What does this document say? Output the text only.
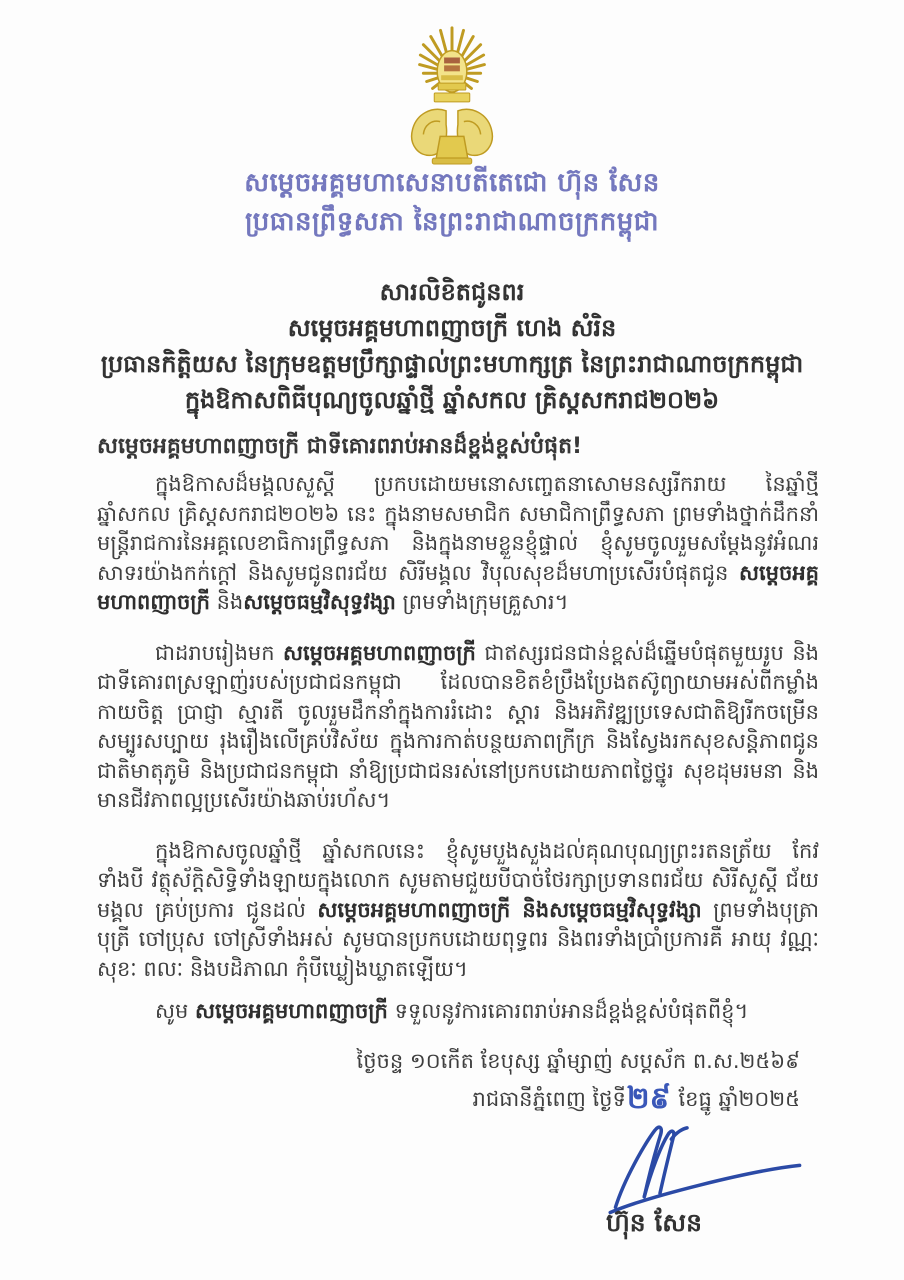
សម្តេចអគ្គមហាសេនាបតីតេជោ ហ៊ុន សែន
ប្រធានព្រឹទ្ធសភា នៃព្រះរាជាណាចក្រកម្ពុជា
សារលិខិតជូនពរ
សម្តេចអគ្គមហាពញាចក្រី ហេង សំរិន
ប្រធានកិត្តិយស នៃក្រុមឧត្តមប្រឹក្សាផ្ទាល់ព្រះមហាក្សត្រ នៃព្រះរាជាណាចក្រកម្ពុជា
ក្នុងឱកាសពិធីបុណ្យចូលឆ្នាំថ្មី ឆ្នាំសកល គ្រិស្តសករាជ២០២៦
សម្តេចអគ្គមហាពញាចក្រី ជាទីគោរពរាប់អានដ៏ខ្ពង់ខ្ពស់បំផុត!

ក្នុងឱកាសដ៏មង្គលសួស្តី ប្រកបដោយមនោសញ្ចេតនាសោមនស្សរីករាយ នៃឆ្នាំថ្មី ឆ្នាំសកល គ្រិស្តសករាជ២០២៦ នេះ ក្នុងនាមសមាជិក សមាជិកាព្រឹទ្ធសភា ព្រមទាំងថ្នាក់ដឹកនាំ មន្ត្រីរាជការនៃអគ្គលេខាធិការព្រឹទ្ធសភា និងក្នុងនាមខ្លួនខ្ញុំផ្ទាល់ ខ្ញុំសូមចូលរួមសម្តែងនូវអំណរសាទរយ៉ាងកក់ក្តៅ និងសូមជូនពរជ័យ សិរីមង្គល វិបុលសុខដ៏មហាប្រសើរបំផុតជូន សម្តេចអគ្គមហាពញាចក្រី និងសម្តេចធម្មវិសុទ្ធវង្សា ព្រមទាំងក្រុមគ្រួសារ។

ជាដរាបរៀងមក សម្តេចអគ្គមហាពញាចក្រី ជាឥស្សរជនជាន់ខ្ពស់ដ៏ឆ្នើមបំផុតមួយរូប និងជាទីគោរពស្រឡាញ់របស់ប្រជាជនកម្ពុជា ដែលបានខិតខំប្រឹងប្រែងតស៊ូព្យាយាមអស់ពីកម្លាំងកាយចិត្ត ប្រាជ្ញា ស្មារតី ចូលរួមដឹកនាំក្នុងការរំដោះ ស្តារ និងអភិវឌ្ឍប្រទេសជាតិឱ្យរីកចម្រើន សម្បូរសប្បាយ រុងរឿងលើគ្រប់វិស័យ ក្នុងការកាត់បន្ថយភាពក្រីក្រ និងស្វែងរកសុខសន្តិភាពជូនជាតិមាតុភូមិ និងប្រជាជនកម្ពុជា នាំឱ្យប្រជាជនរស់នៅប្រកបដោយភាពថ្លៃថ្នូរ សុខដុមរមនា និងមានជីវភាពល្អប្រសើរយ៉ាងឆាប់រហ័ស។

ក្នុងឱកាសចូលឆ្នាំថ្មី ឆ្នាំសកលនេះ ខ្ញុំសូមបួងសួងដល់គុណបុណ្យព្រះរតនត្រ័យ កែវទាំងបី វត្ថុស័ក្តិសិទ្ធិទាំងឡាយក្នុងលោក សូមតាមជួយបីបាច់ថែរក្សាប្រទានពរជ័យ សិរីសួស្តី ជ័យមង្គល គ្រប់ប្រការ ជូនដល់ សម្តេចអគ្គមហាពញាចក្រី និងសម្តេចធម្មវិសុទ្ធវង្សា ព្រមទាំងបុត្រា បុត្រី ចៅប្រុស ចៅស្រីទាំងអស់ សូមបានប្រកបដោយពុទ្ធពរ និងពរទាំងប្រាំប្រការគឺ អាយុ វណ្ណៈ សុខៈ ពលៈ និងបដិភាណ កុំបីឃ្លៀងឃ្លាតឡើយ។

សូម សម្តេចអគ្គមហាពញាចក្រី ទទួលនូវការគោរពរាប់អានដ៏ខ្ពង់ខ្ពស់បំផុតពីខ្ញុំ។

ថ្ងៃចន្ទ ១០កើត ខែបុស្ស ឆ្នាំម្សាញ់ សប្តស័ក ព.ស.២៥៦៩
រាជធានីភ្នំពេញ ថ្ងៃទី២៩ ខែធ្នូ ឆ្នាំ២០២៥
ហ៊ុន សែន
